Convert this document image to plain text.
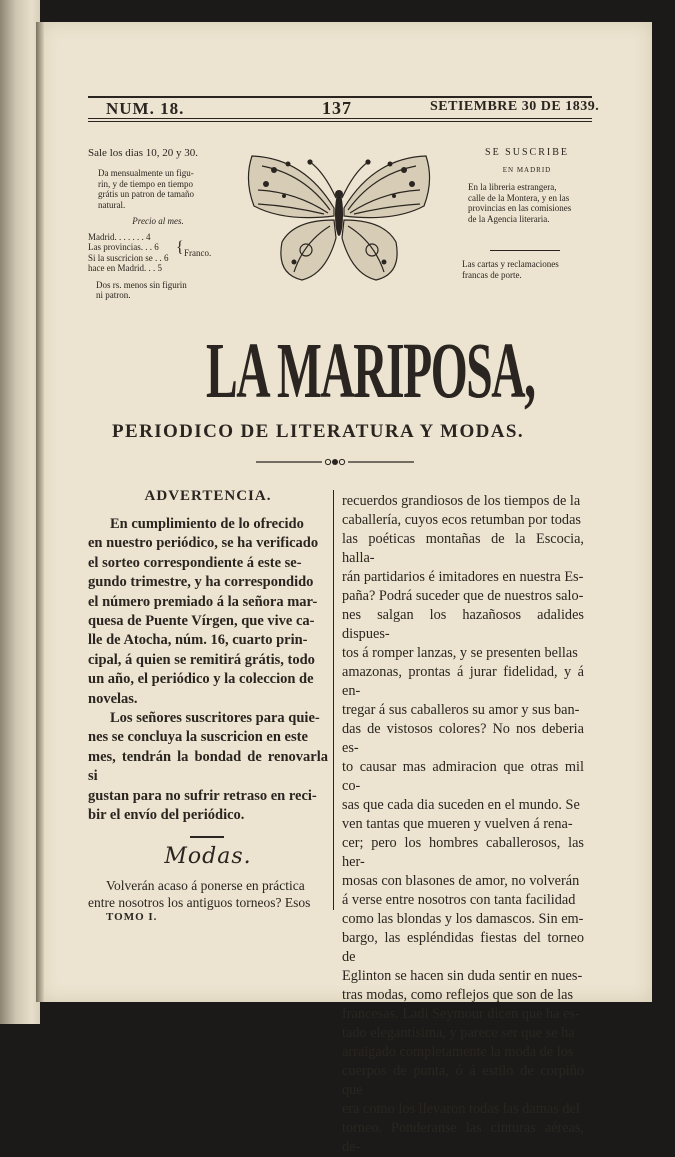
NUM. 18.	137	SETIEMBRE 30 DE 1839.
Sale los dias 10, 20 y 30.
Da mensualmente un figu-
rin, y de tiempo en tiempo
grátis un patron de tamaño
natural.
Precio al mes.
Madrid. . . . . . . 4
Las provincias. . . 6
Si la suscricion se . . 6
hace en Madrid. . . 5
{ Franco.
Dos rs. menos sin figurin
ni patron.
SE SUSCRIBE
EN MADRID
En la libreria estrangera,
calle de la Montera, y en las
provincias en las comisiones
de la Agencia literaria.
Las cartas y reclamaciones
francas de porte.
LA MARIPOSA,
PERIODICO DE LITERATURA Y MODAS.
ADVERTENCIA.
En cumplimiento de lo ofrecido
en nuestro periódico, se ha verificado
el sorteo correspondiente á este se-
gundo trimestre, y ha correspondido
el número premiado á la señora mar-
quesa de Puente Vírgen, que vive ca-
lle de Atocha, núm. 16, cuarto prin-
cipal, á quien se remitirá grátis, todo
un año, el periódico y la coleccion de
novelas.
Los señores suscritores para quie-
nes se concluya la suscricion en este
mes, tendrán la bondad de renovarla si
gustan para no sufrir retraso en reci-
bir el envío del periódico.
Modas.
Volverán acaso á ponerse en práctica
entre nosotros los antiguos torneos? Esos
TOMO I.
recuerdos grandiosos de los tiempos de la
caballería, cuyos ecos retumban por todas
las poéticas montañas de la Escocia, halla-
rán partidarios é imitadores en nuestra Es-
paña? Podrá suceder que de nuestros salo-
nes salgan los hazañosos adalides dispues-
tos á romper lanzas, y se presenten bellas
amazonas, prontas á jurar fidelidad, y á en-
tregar á sus caballeros su amor y sus ban-
das de vistosos colores? No nos deberia es-
to causar mas admiracion que otras mil co-
sas que cada dia suceden en el mundo. Se
ven tantas que mueren y vuelven á rena-
cer; pero los hombres caballerosos, las her-
mosas con blasones de amor, no volverán
á verse entre nosotros con tanta facilidad
como las blondas y los damascos. Sin em-
bargo, las espléndidas fiestas del torneo de
Eglinton se hacen sin duda sentir en nues-
tras modas, como reflejos que son de las
francesas. Ladi Seymour dicen que ha es-
tado elegantísima, y parece ser que se ha
arraigado completamente la moda de los
cuerpos de punta, ó á estilo de corpiño que
era como los llevaron todas las damas del
torneo. Ponderanse las cinturas aéreas, de-
